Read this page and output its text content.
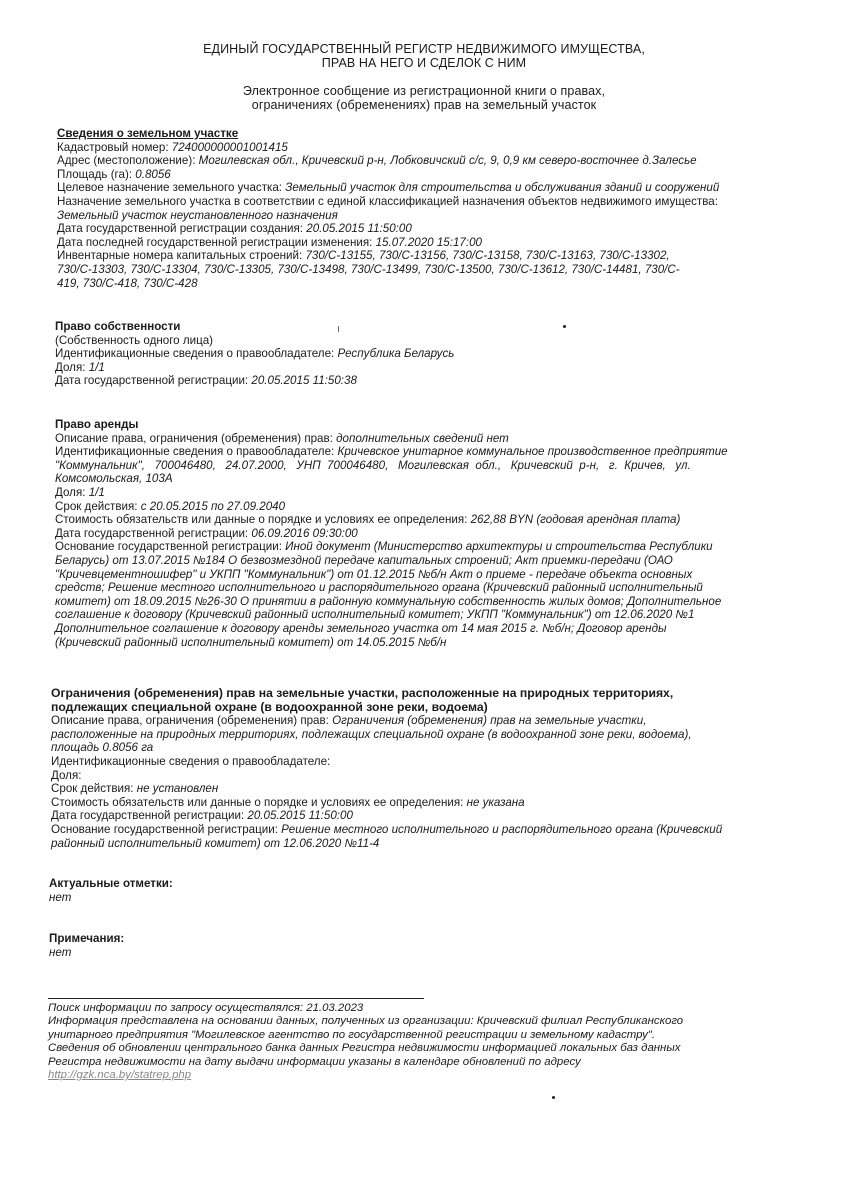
ЕДИНЫЙ ГОСУДАРСТВЕННЫЙ РЕГИСТР НЕДВИЖИМОГО ИМУЩЕСТВА,
ПРАВ НА НЕГО И СДЕЛОК С НИМ
Электронное сообщение из регистрационной книги о правах,
ограничениях (обременениях) прав на земельный участок
Сведения о земельном участке
Кадастровый номер: 724000000001001415
Адрес (местоположение): Могилевская обл., Кричевский р-н, Лобковичский с/с, 9, 0,9 км северо-восточнее д.Залесье
Площадь (га): 0.8056
Целевое назначение земельного участка: Земельный участок для строительства и обслуживания зданий и сооружений
Назначение земельного участка в соответствии с единой классификацией назначения объектов недвижимого имущества:
Земельный участок неустановленного назначения
Дата государственной регистрации создания: 20.05.2015 11:50:00
Дата последней государственной регистрации изменения: 15.07.2020 15:17:00
Инвентарные номера капитальных строений: 730/С-13155, 730/С-13156, 730/С-13158, 730/С-13163, 730/С-13302,
730/С-13303, 730/С-13304, 730/С-13305, 730/С-13498, 730/С-13499, 730/С-13500, 730/С-13612, 730/С-14481, 730/С-
419, 730/С-418, 730/С-428
Право собственности
(Собственность одного лица)
Идентификационные сведения о правообладателе: Республика Беларусь
Доля: 1/1
Дата государственной регистрации: 20.05.2015 11:50:38
Право аренды
Описание права, ограничения (обременения) прав: дополнительных сведений нет
Идентификационные сведения о правообладателе: Кричевское унитарное коммунальное производственное предприятие
"Коммунальник",   700046480,   24.07.2000,   УНП  700046480,   Могилевская  обл.,   Кричевский  р-н,   г.  Кричев,   ул.
Комсомольская, 103А
Доля: 1/1
Срок действия: с 20.05.2015 по 27.09.2040
Стоимость обязательств или данные о порядке и условиях ее определения: 262,88 BYN (годовая арендная плата)
Дата государственной регистрации: 06.09.2016 09:30:00
Основание государственной регистрации: Иной документ (Министерство архитектуры и строительства Республики
Беларусь) от 13.07.2015 №184 О безвозмездной передаче капитальных строений; Акт приемки-передачи (ОАО
"Кричевцементношифер" и УКПП "Коммунальник") от 01.12.2015 №б/н Акт о приеме - передаче объекта основных
средств; Решение местного исполнительного и распорядительного органа (Кричевский районный исполнительный
комитет) от 18.09.2015 №26-30 О принятии в районную коммунальную собственность жилых домов; Дополнительное
соглашение к договору (Кричевский районный исполнительный комитет; УКПП "Коммунальник") от 12.06.2020 №1
Дополнительное соглашение к договору аренды земельного участка от 14 мая 2015 г. №б/н; Договор аренды
(Кричевский районный исполнительный комитет) от 14.05.2015 №б/н
Ограничения (обременения) прав на земельные участки, расположенные на природных территориях,
подлежащих специальной охране (в водоохранной зоне реки, водоема)
Описание права, ограничения (обременения) прав: Ограничения (обременения) прав на земельные участки,
расположенные на природных территориях, подлежащих специальной охране (в водоохранной зоне реки, водоема),
площадь 0.8056 га
Идентификационные сведения о правообладателе:
Доля:
Срок действия: не установлен
Стоимость обязательств или данные о порядке и условиях ее определения: не указана
Дата государственной регистрации: 20.05.2015 11:50:00
Основание государственной регистрации: Решение местного исполнительного и распорядительного органа (Кричевский
районный исполнительный комитет) от 12.06.2020 №11-4
Актуальные отметки:
нет
Примечания:
нет
Поиск информации по запросу осуществлялся: 21.03.2023
Информация представлена на основании данных, полученных из организации: Кричевский филиал Республиканского
унитарного предприятия "Могилевское агентство по государственной регистрации и земельному кадастру".
Сведения об обновлении центрального банка данных Регистра недвижимости информацией локальных баз данных
Регистра недвижимости на дату выдачи информации указаны в календаре обновлений по адресу
http://gzk.nca.by/statrep.php
